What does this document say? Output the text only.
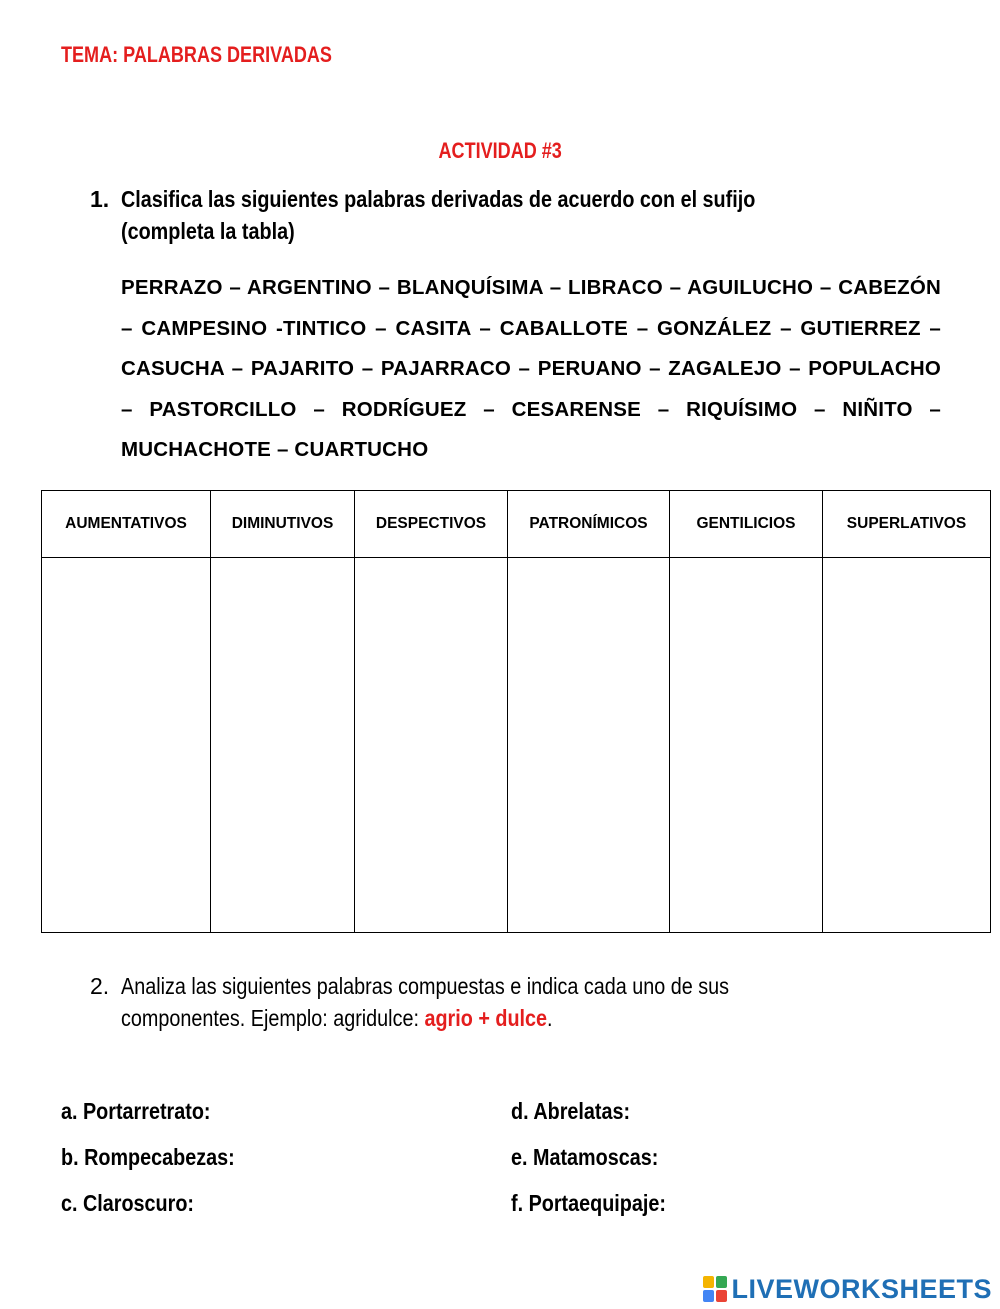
TEMA: PALABRAS DERIVADAS
ACTIVIDAD #3
1. Clasifica las siguientes palabras derivadas de acuerdo con el sufijo (completa la tabla)
PERRAZO – ARGENTINO – BLANQUÍSIMA – LIBRACO – AGUILUCHO – CABEZÓN – CAMPESINO -TINTICO – CASITA – CABALLOTE – GONZÁLEZ – GUTIERREZ – CASUCHA – PAJARITO – PAJARRACO – PERUANO – ZAGALEJO – POPULACHO – PASTORCILLO – RODRÍGUEZ – CESARENSE – RIQUÍSIMO – NIÑITO – MUCHACHOTE – CUARTUCHO
AUMENTATIVOS	DIMINUTIVOS	DESPECTIVOS	PATRONÍMICOS	GENTILICIOS	SUPERLATIVOS

2. Analiza las siguientes palabras compuestas e indica cada uno de sus componentes. Ejemplo: agridulce: agrio + dulce.
a. Portarretrato:
b. Rompecabezas:
c. Claroscuro:
d. Abrelatas:
e. Matamoscas:
f. Portaequipaje:
LIVEWORKSHEETS
